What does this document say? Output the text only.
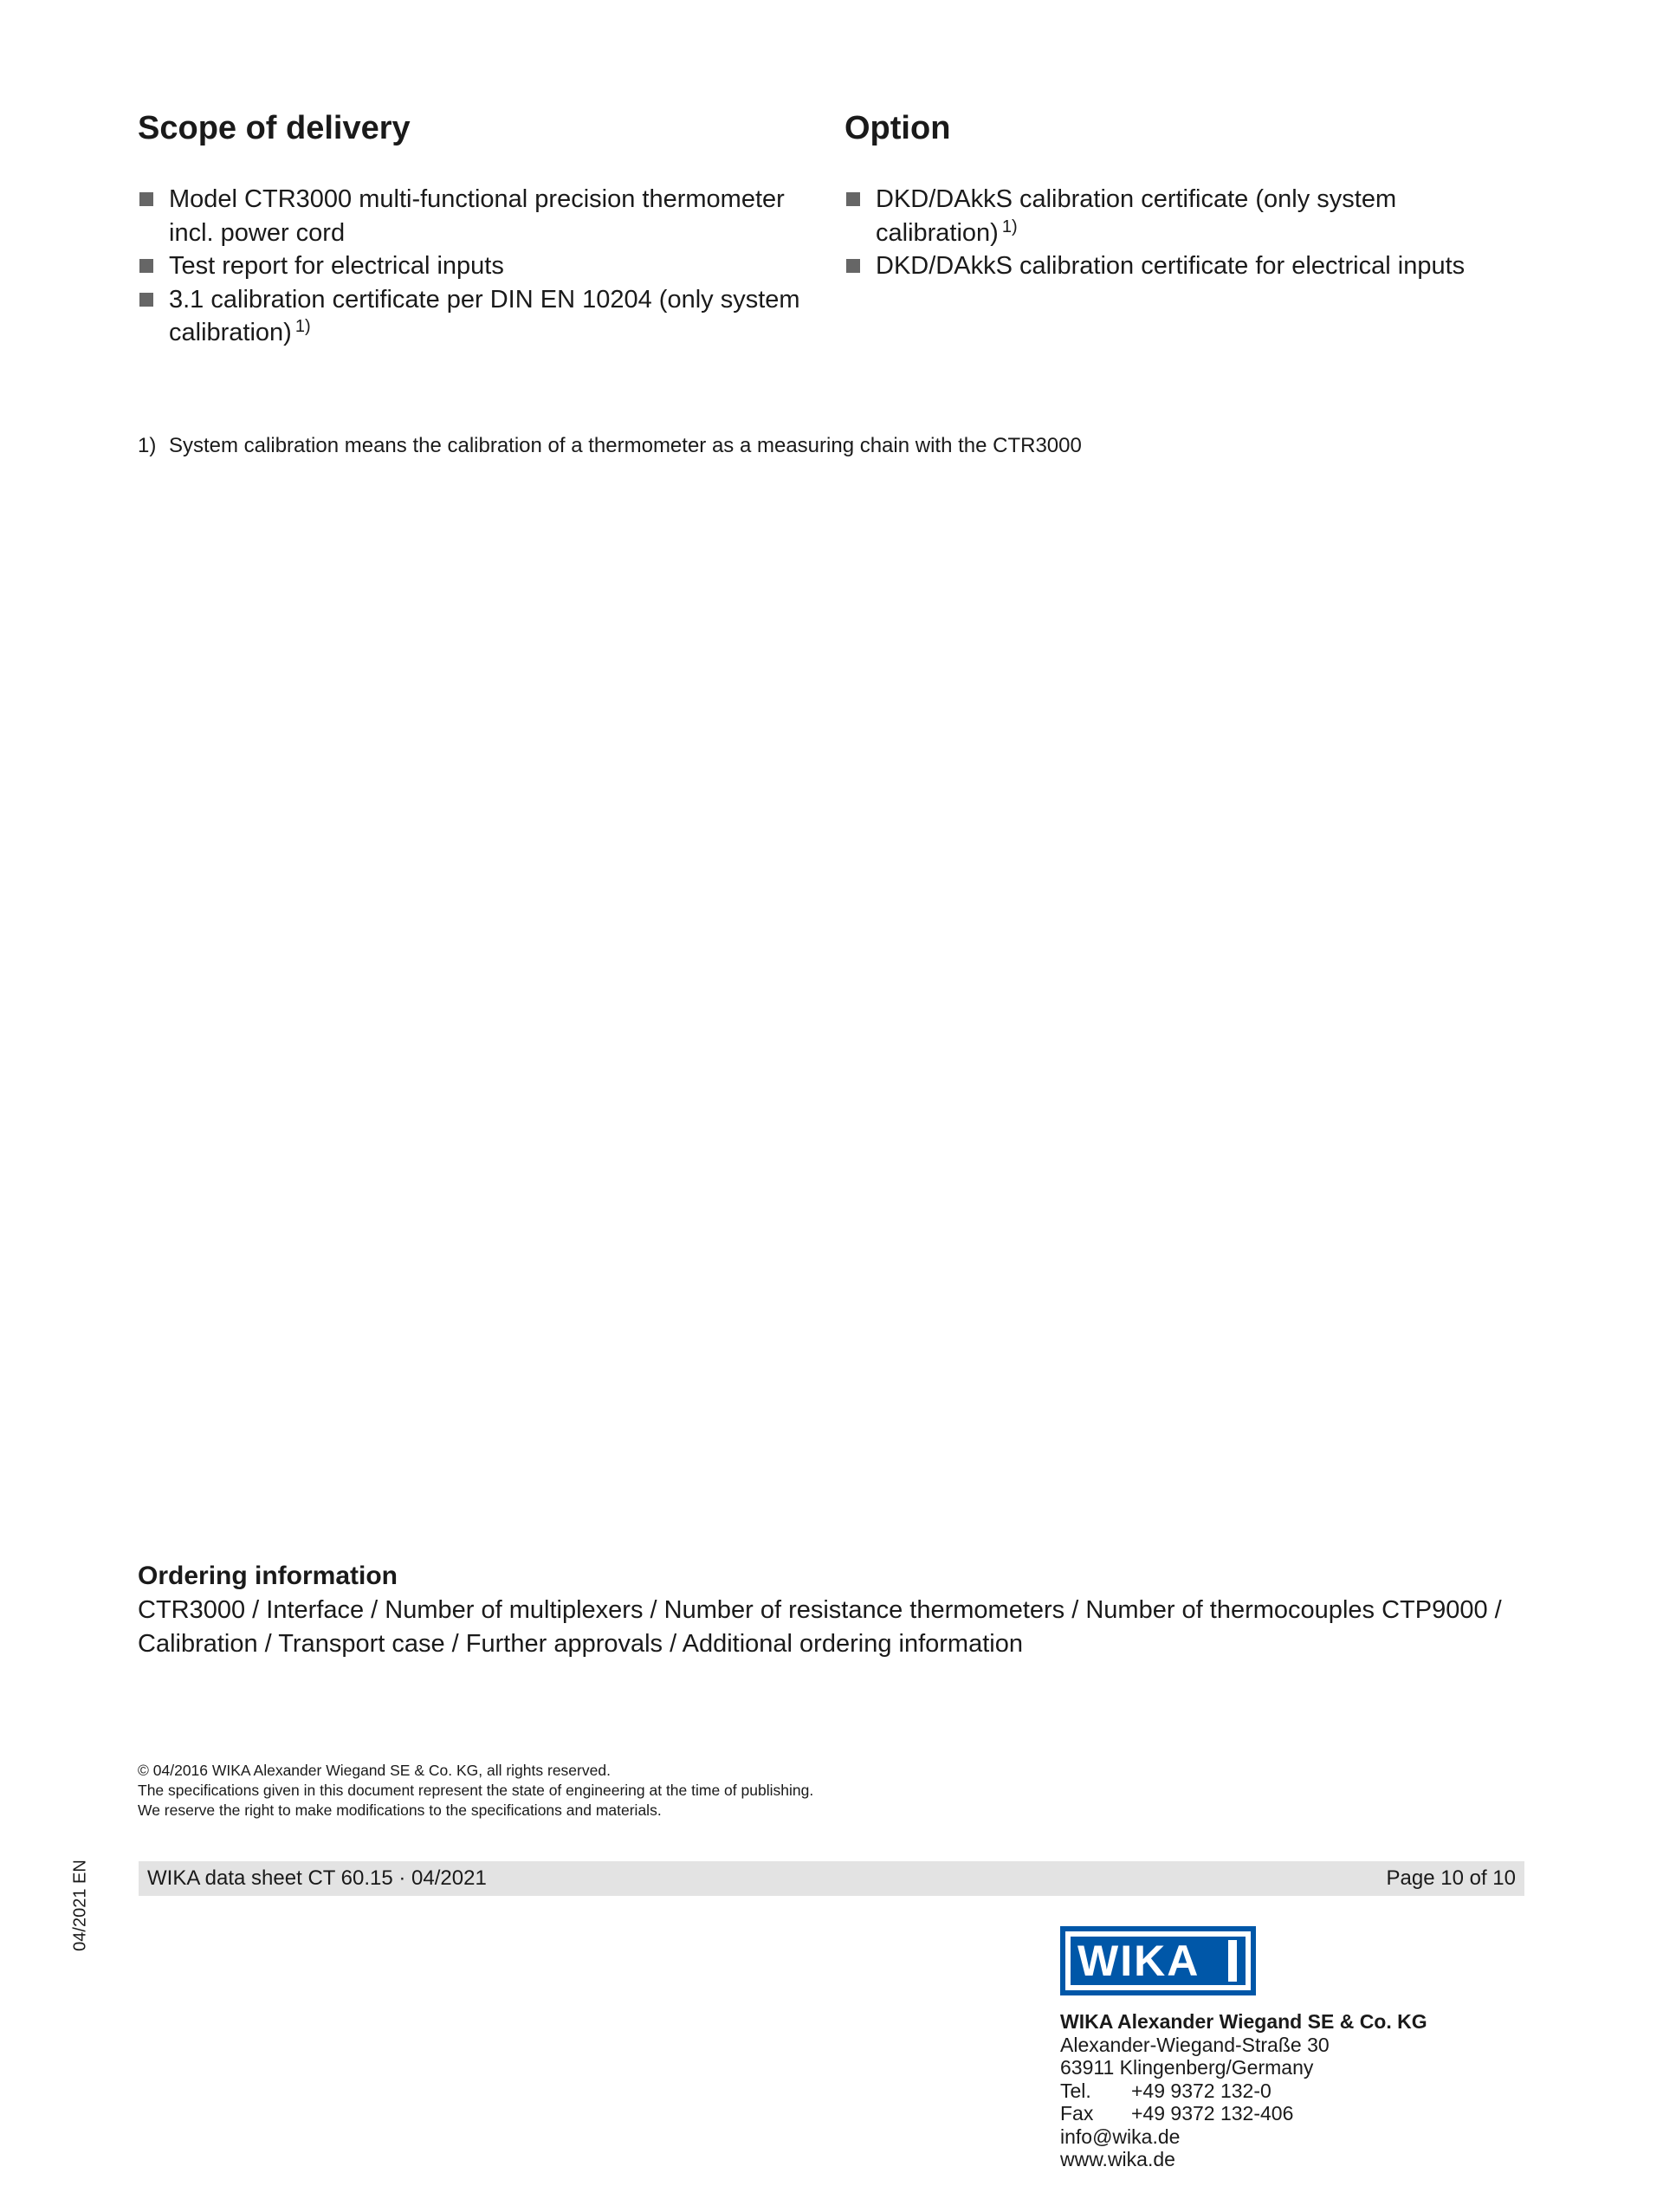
Scope of delivery
Model CTR3000 multi-functional precision thermometer
incl. power cord
Test report for electrical inputs
3.1 calibration certificate per DIN EN 10204 (only system
calibration) $^{1)}$
Option
DKD/DAkkS calibration certificate (only system
calibration) $^{1)}$
DKD/DAkkS calibration certificate for electrical inputs
1) System calibration means the calibration of a thermometer as a measuring chain with the CTR3000
Ordering information
CTR3000 / Interface / Number of multiplexers / Number of resistance thermometers / Number of thermocouples CTP9000 /
Calibration / Transport case / Further approvals / Additional ordering information
© 04/2016 WIKA Alexander Wiegand SE & Co. KG, all rights reserved.
The specifications given in this document represent the state of engineering at the time of publishing.
We reserve the right to make modifications to the specifications and materials.
WIKA data sheet CT 60.15 · 04/2021	Page 10 of 10
04/2021 EN
WIKA
WIKA Alexander Wiegand SE & Co. KG
Alexander-Wiegand-Straße 30
63911 Klingenberg/Germany
Tel. +49 9372 132-0
Fax +49 9372 132-406
info@wika.de
www.wika.de
